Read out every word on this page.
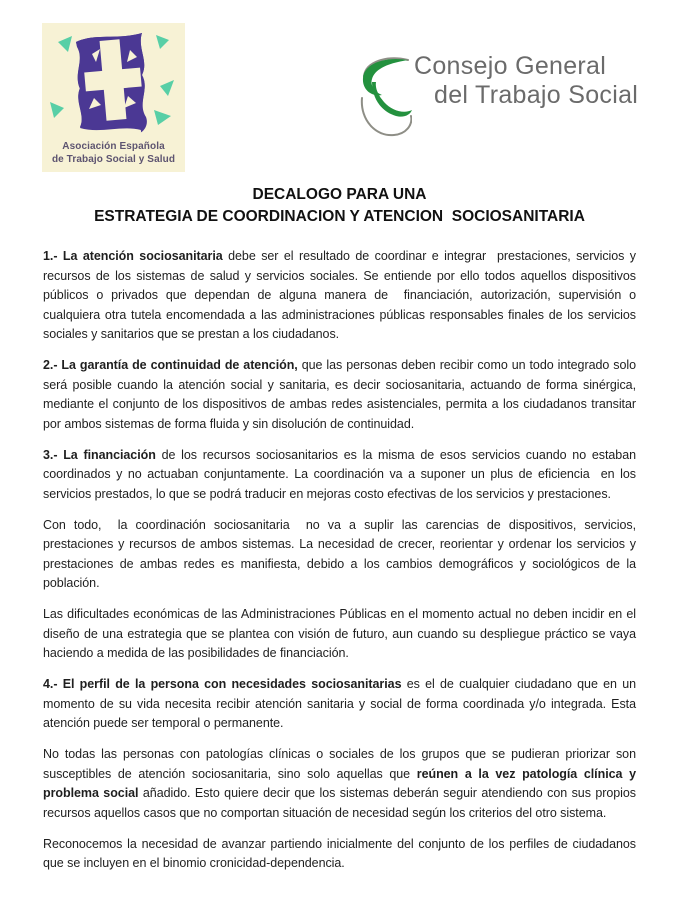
Asociación Española
de Trabajo Social y Salud
Consejo General
del Trabajo Social
DECALOGO PARA UNA
ESTRATEGIA DE COORDINACION Y ATENCION  SOCIOSANITARIA

1.- La atención sociosanitaria debe ser el resultado de coordinar e integrar  prestaciones, servicios y recursos de los sistemas de salud y servicios sociales. Se entiende por ello todos aquellos dispositivos públicos o privados que dependan de alguna manera de  financiación, autorización, supervisión o cualquiera otra tutela encomendada a las administraciones públicas responsables finales de los servicios sociales y sanitarios que se prestan a los ciudadanos.

2.- La garantía de continuidad de atención, que las personas deben recibir como un todo integrado solo será posible cuando la atención social y sanitaria, es decir sociosanitaria, actuando de forma sinérgica, mediante el conjunto de los dispositivos de ambas redes asistenciales, permita a los ciudadanos transitar por ambos sistemas de forma fluida y sin disolución de continuidad.

3.- La financiación de los recursos sociosanitarios es la misma de esos servicios cuando no estaban coordinados y no actuaban conjuntamente. La coordinación va a suponer un plus de eficiencia  en los servicios prestados, lo que se podrá traducir en mejoras costo efectivas de los servicios y prestaciones.

Con todo,  la coordinación sociosanitaria  no va a suplir las carencias de dispositivos, servicios, prestaciones y recursos de ambos sistemas. La necesidad de crecer, reorientar y ordenar los servicios y prestaciones de ambas redes es manifiesta, debido a los cambios demográficos y sociológicos de la población.

Las dificultades económicas de las Administraciones Públicas en el momento actual no deben incidir en el diseño de una estrategia que se plantea con visión de futuro, aun cuando su despliegue práctico se vaya haciendo a medida de las posibilidades de financiación.

4.- El perfil de la persona con necesidades sociosanitarias es el de cualquier ciudadano que en un momento de su vida necesita recibir atención sanitaria y social de forma coordinada y/o integrada. Esta atención puede ser temporal o permanente.

No todas las personas con patologías clínicas o sociales de los grupos que se pudieran priorizar son susceptibles de atención sociosanitaria, sino solo aquellas que reúnen a la vez patología clínica y problema social añadido. Esto quiere decir que los sistemas deberán seguir atendiendo con sus propios recursos aquellos casos que no comportan situación de necesidad según los criterios del otro sistema.

Reconocemos la necesidad de avanzar partiendo inicialmente del conjunto de los perfiles de ciudadanos que se incluyen en el binomio cronicidad-dependencia.
